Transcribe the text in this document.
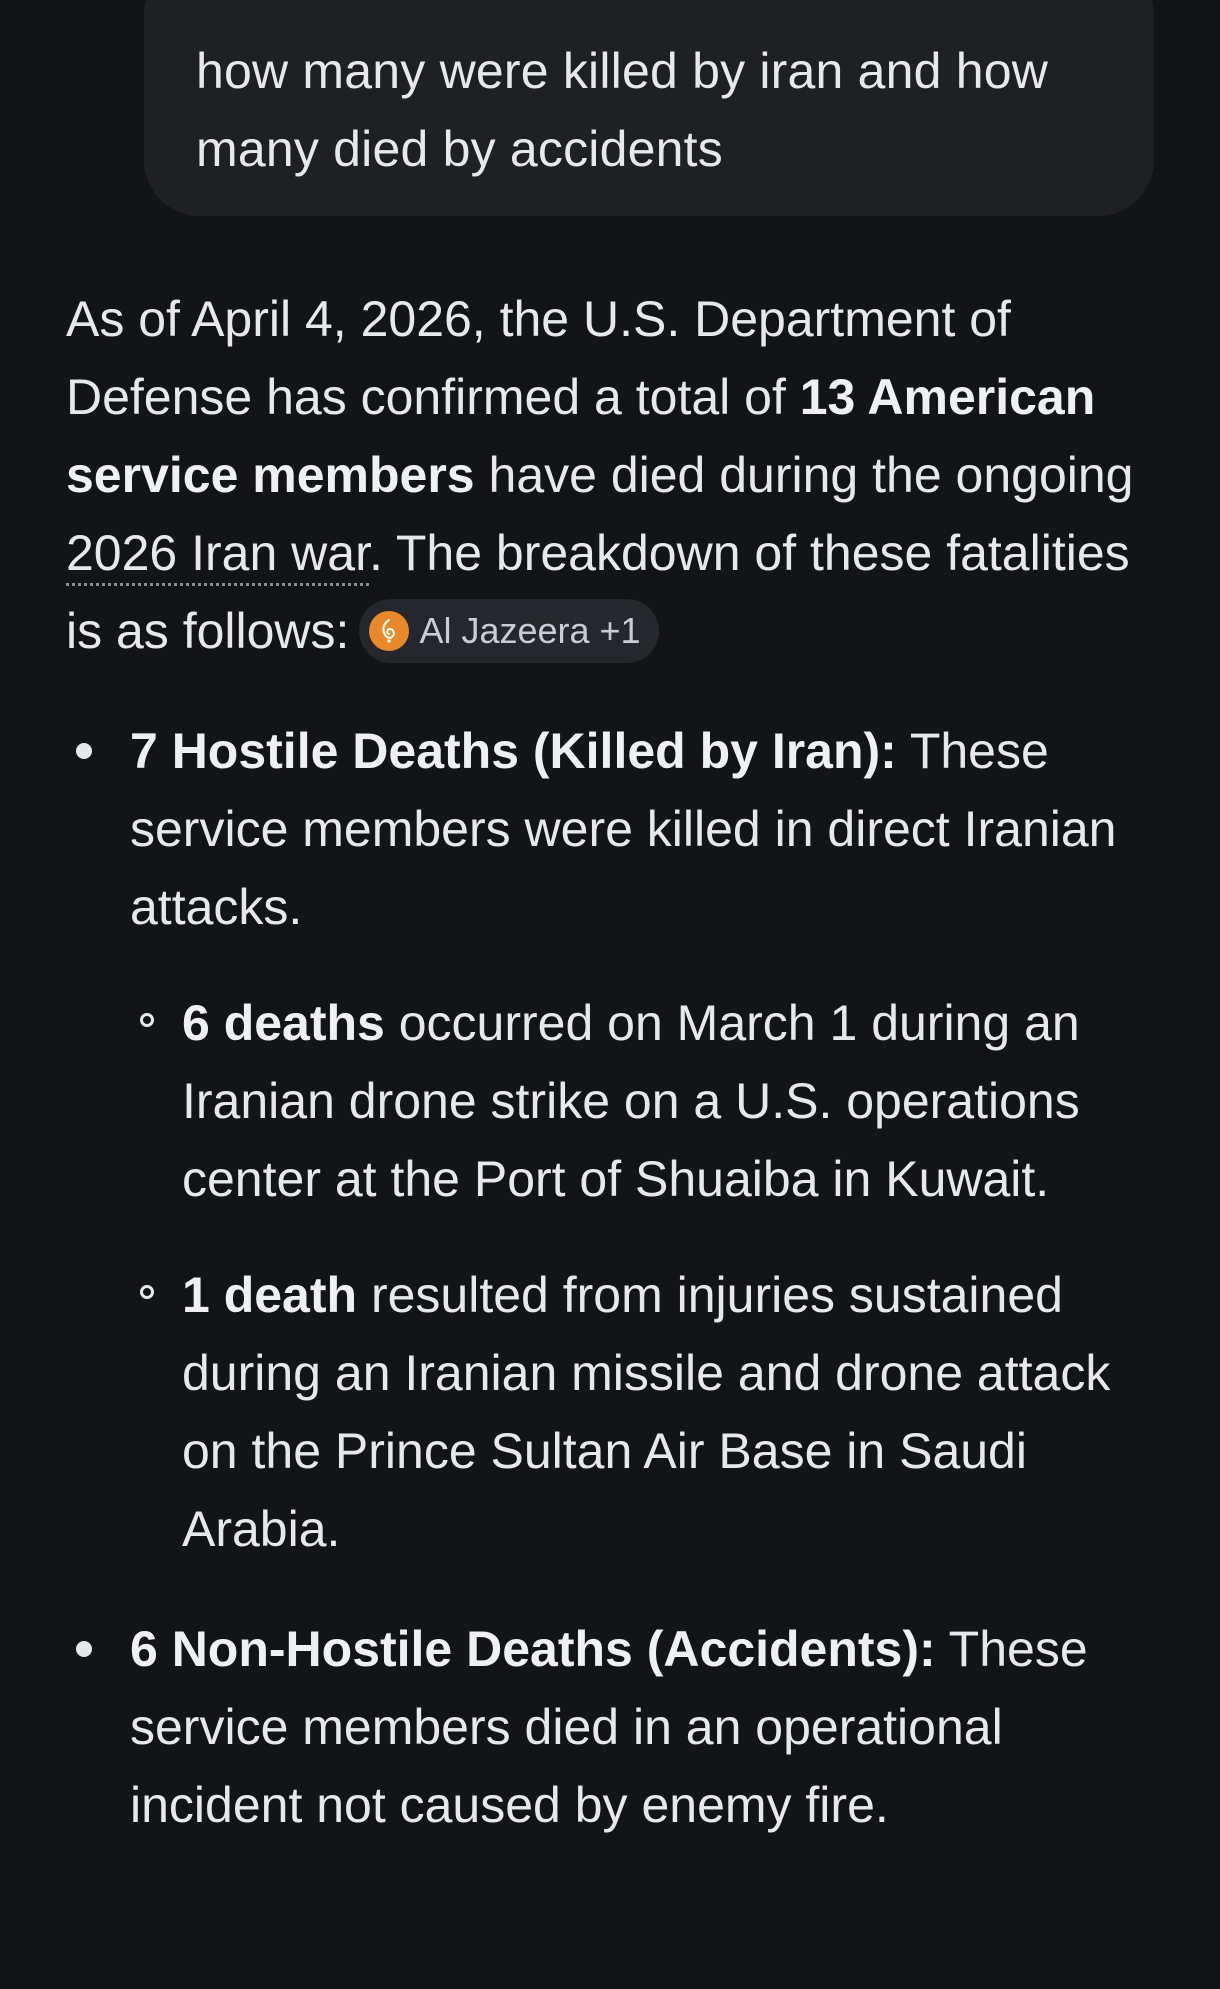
how many were killed by iran and how many died by accidents

As of April 4, 2026, the U.S. Department of Defense has confirmed a total of 13 American service members have died during the ongoing 2026 Iran war. The breakdown of these fatalities is as follows: Al Jazeera +1

7 Hostile Deaths (Killed by Iran): These service members were killed in direct Iranian attacks.
6 deaths occurred on March 1 during an Iranian drone strike on a U.S. operations center at the Port of Shuaiba in Kuwait.
1 death resulted from injuries sustained during an Iranian missile and drone attack on the Prince Sultan Air Base in Saudi Arabia.
6 Non-Hostile Deaths (Accidents): These service members died in an operational incident not caused by enemy fire.
